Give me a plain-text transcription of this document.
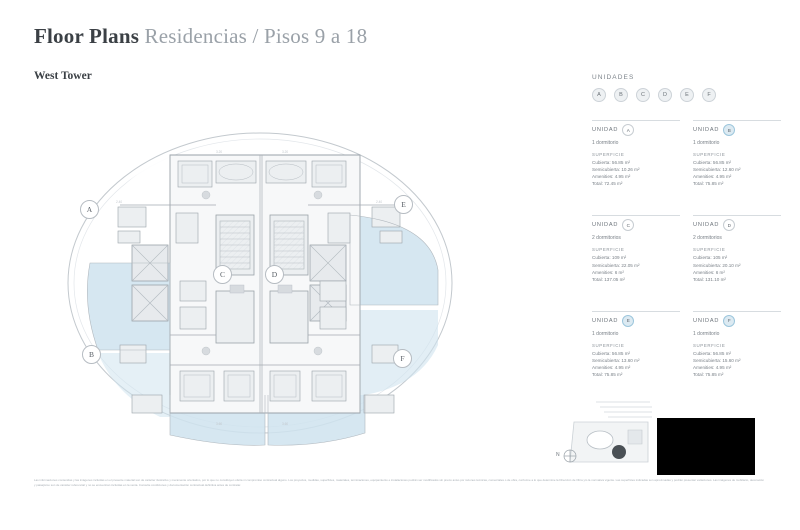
Floor Plans Residencias / Pisos 9 a 18
West Tower
3.20	3.20
2.40	2.40
3.60	3.60
A
B
C	D
E
F
UNIDADES
A	B	C	D	E	F
UNIDAD	A
1 dormitorio
SUPERFICIE
Cubierta: 56.85 m²
Semicubierta: 10.26 m²
Amenities: 4.95 m²
Total: 72.45 m²
UNIDAD	B
1 dormitorio
SUPERFICIE
Cubierta: 56.85 m²
Semicubierta: 12.60 m²
Amenities: 4.95 m²
Total: 75.85 m²
UNIDAD	C
2 dormitorios
SUPERFICIE
Cubierta: 109 m²
Semicubierta: 22.05 m²
Amenities: 6 m²
Total: 137.05 m²
UNIDAD	D
2 dormitorios
SUPERFICIE
Cubierta: 105 m²
Semicubierta: 20.10 m²
Amenities: 6 m²
Total: 131.10 m²
UNIDAD	E
1 dormitorio
SUPERFICIE
Cubierta: 56.85 m²
Semicubierta: 13.60 m²
Amenities: 4.95 m²
Total: 75.85 m²
UNIDAD	F
1 dormitorio
SUPERFICIE
Cubierta: 56.85 m²
Semicubierta: 15.60 m²
Amenities: 4.95 m²
Total: 75.85 m²
N
Las informaciones contenidas y las imágenes incluidas en el presente material son de carácter ilustrativo y meramente orientativo, por lo que no constituyen oferta ni compromiso contractual alguno. Los proyectos, medidas, superficies, materiales, terminaciones, equipamiento e instalaciones podrán ser modificados sin previo aviso por razones técnicas, comerciales o de obra, conforme a lo que determine la Dirección de Obra y/o la normativa vigente. Las superficies indicadas son aproximadas y podrán presentar variaciones. Las imágenes de mobiliario, decoración y paisajismo son de carácter referencial y no se encuentran incluidas en la venta. Consulte condiciones y documentación contractual definitiva antes de contratar.
